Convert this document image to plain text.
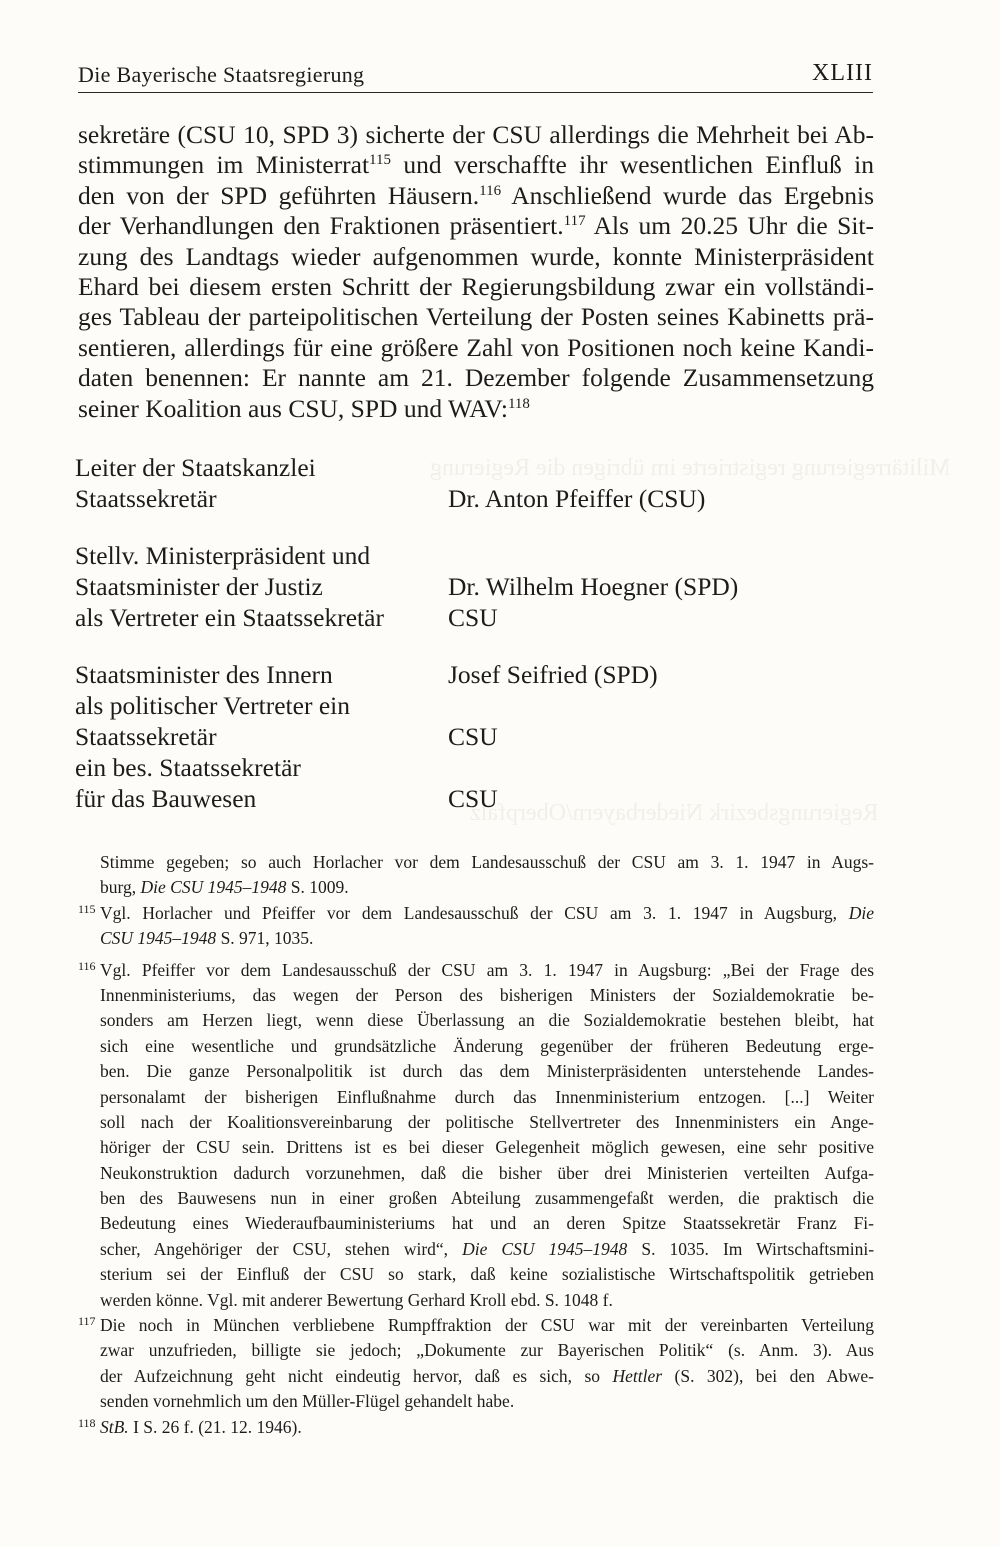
Militärregierung registrierte im übrigen die Regierung
Regierungsbezirk Niederbayern/Oberpfalz
Die Bayerische Staatsregierung	XLIII
sekretäre (CSU 10, SPD 3) sicherte der CSU allerdings die Mehrheit bei Ab-
stimmungen im Ministerrat$^{115}$ und verschaffte ihr wesentlichen Einfluß in
den von der SPD geführten Häusern.$^{116}$ Anschließend wurde das Ergebnis
der Verhandlungen den Fraktionen präsentiert.$^{117}$ Als um 20.25 Uhr die Sit-
zung des Landtags wieder aufgenommen wurde, konnte Ministerpräsident
Ehard bei diesem ersten Schritt der Regierungsbildung zwar ein vollständi-
ges Tableau der parteipolitischen Verteilung der Posten seines Kabinetts prä-
sentieren, allerdings für eine größere Zahl von Positionen noch keine Kandi-
daten benennen: Er nannte am 21. Dezember folgende Zusammensetzung
seiner Koalition aus CSU, SPD und WAV:$^{118}$
Leiter der Staatskanzlei
Staatssekretär	Dr. Anton Pfeiffer (CSU)
Stellv. Ministerpräsident und
Staatsminister der Justiz	Dr. Wilhelm Hoegner (SPD)
als Vertreter ein Staatssekretär	CSU
Staatsminister des Innern	Josef Seifried (SPD)
als politischer Vertreter ein
Staatssekretär	CSU
ein bes. Staatssekretär
für das Bauwesen	CSU
Stimme gegeben; so auch Horlacher vor dem Landesausschuß der CSU am 3. 1. 1947 in Augs-
burg, Die CSU 1945–1948 S. 1009.
115 Vgl. Horlacher und Pfeiffer vor dem Landesausschuß der CSU am 3. 1. 1947 in Augsburg, Die
CSU 1945–1948 S. 971, 1035.
116 Vgl. Pfeiffer vor dem Landesausschuß der CSU am 3. 1. 1947 in Augsburg: „Bei der Frage des
Innenministeriums, das wegen der Person des bisherigen Ministers der Sozialdemokratie be-
sonders am Herzen liegt, wenn diese Überlassung an die Sozialdemokratie bestehen bleibt, hat
sich eine wesentliche und grundsätzliche Änderung gegenüber der früheren Bedeutung erge-
ben. Die ganze Personalpolitik ist durch das dem Ministerpräsidenten unterstehende Landes-
personalamt der bisherigen Einflußnahme durch das Innenministerium entzogen. [...] Weiter
soll nach der Koalitionsvereinbarung der politische Stellvertreter des Innenministers ein Ange-
höriger der CSU sein. Drittens ist es bei dieser Gelegenheit möglich gewesen, eine sehr positive
Neukonstruktion dadurch vorzunehmen, daß die bisher über drei Ministerien verteilten Aufga-
ben des Bauwesens nun in einer großen Abteilung zusammengefaßt werden, die praktisch die
Bedeutung eines Wiederaufbauministeriums hat und an deren Spitze Staatssekretär Franz Fi-
scher, Angehöriger der CSU, stehen wird“, Die CSU 1945–1948 S. 1035. Im Wirtschaftsmini-
sterium sei der Einfluß der CSU so stark, daß keine sozialistische Wirtschaftspolitik getrieben
werden könne. Vgl. mit anderer Bewertung Gerhard Kroll ebd. S. 1048 f.
117 Die noch in München verbliebene Rumpffraktion der CSU war mit der vereinbarten Verteilung
zwar unzufrieden, billigte sie jedoch; „Dokumente zur Bayerischen Politik“ (s. Anm. 3). Aus
der Aufzeichnung geht nicht eindeutig hervor, daß es sich, so Hettler (S. 302), bei den Abwe-
senden vornehmlich um den Müller-Flügel gehandelt habe.
118 StB. I S. 26 f. (21. 12. 1946).
